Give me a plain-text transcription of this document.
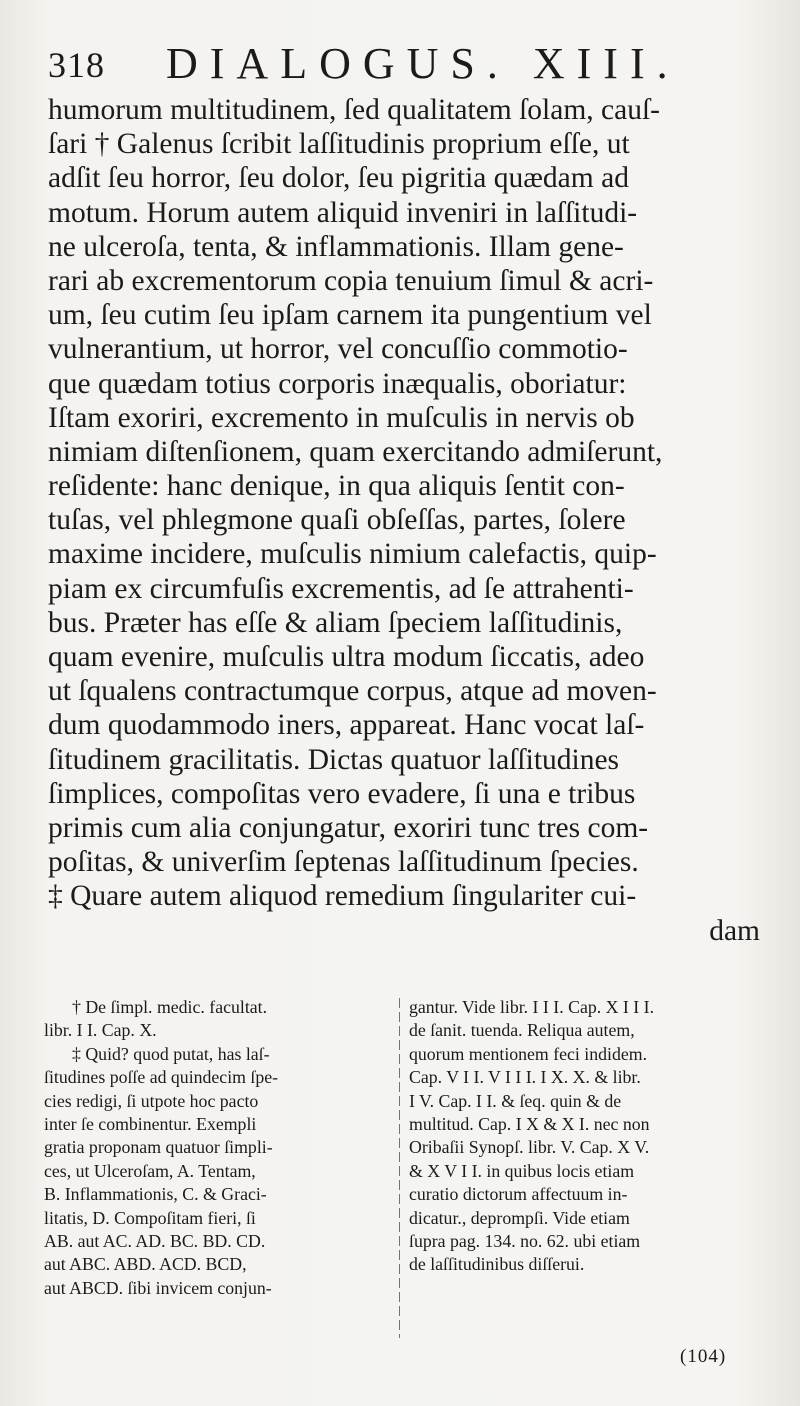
318 DIALOGUS. XIII.
humorum multitudinem, ſed qualitatem ſolam, cauſ-
ſari † Galenus ſcribit laſſitudinis proprium eſſe, ut
adſit ſeu horror, ſeu dolor, ſeu pigritia quædam ad
motum. Horum autem aliquid inveniri in laſſitudi-
ne ulceroſa, tenta, & inflammationis. Illam gene-
rari ab excrementorum copia tenuium ſimul & acri-
um, ſeu cutim ſeu ipſam carnem ita pungentium vel
vulnerantium, ut horror, vel concuſſio commotio-
que quædam totius corporis inæqualis, oboriatur:
Iſtam exoriri, excremento in muſculis in nervis ob
nimiam diſtenſionem, quam exercitando admiſerunt,
reſidente: hanc denique, in qua aliquis ſentit con-
tuſas, vel phlegmone quaſi obſeſſas, partes, ſolere
maxime incidere, muſculis nimium calefactis, quip-
piam ex circumfuſis excrementis, ad ſe attrahenti-
bus. Præter has eſſe & aliam ſpeciem laſſitudinis,
quam evenire, muſculis ultra modum ſiccatis, adeo
ut ſqualens contractumque corpus, atque ad moven-
dum quodammodo iners, appareat. Hanc vocat laſ-
ſitudinem gracilitatis. Dictas quatuor laſſitudines
ſimplices, compoſitas vero evadere, ſi una e tribus
primis cum alia conjungatur, exoriri tunc tres com-
poſitas, & univerſim ſeptenas laſſitudinum ſpecies.
‡ Quare autem aliquod remedium ſingulariter cui-
dam
† De ſimpl. medic. facultat.
libr. I I. Cap. X.
‡ Quid? quod putat, has laſ-
ſitudines poſſe ad quindecim ſpe-
cies redigi, ſi utpote hoc pacto
inter ſe combinentur. Exempli
gratia proponam quatuor ſimpli-
ces, ut Ulceroſam, A. Tentam,
B. Inflammationis, C. & Graci-
litatis, D. Compoſitam fieri, ſi
AB. aut AC. AD. BC. BD. CD.
aut ABC. ABD. ACD. BCD,
aut ABCD. ſibi invicem conjun-
gantur. Vide libr. I I I. Cap. X I I I.
de ſanit. tuenda. Reliqua autem,
quorum mentionem feci indidem.
Cap. V I I. V I I I. I X. X. & libr.
I V. Cap. I I. & ſeq. quin & de
multitud. Cap. I X & X I. nec non
Oribaſii Synopſ. libr. V. Cap. X V.
& X V I I. in quibus locis etiam
curatio dictorum affectuum in-
dicatur., deprompſi. Vide etiam
ſupra pag. 134. no. 62. ubi etiam
de laſſitudinibus diſſerui.
(104)
